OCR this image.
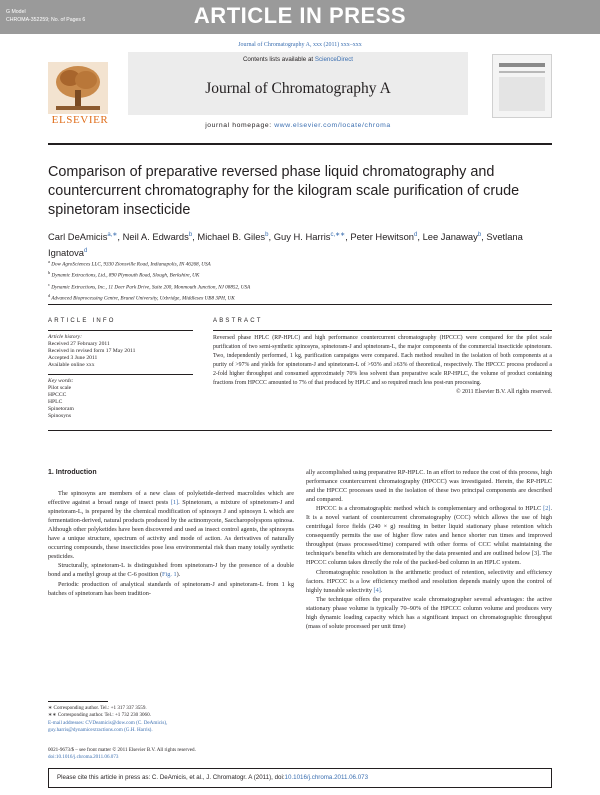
G Model
CHROMA-352259; No. of Pages 6	ARTICLE IN PRESS
Journal of Chromatography A, xxx (2011) xxx–xxx
ELSEVIER
Contents lists available at ScienceDirect
Journal of Chromatography A
journal homepage: www.elsevier.com/locate/chroma
Comparison of preparative reversed phase liquid chromatography and countercurrent chromatography for the kilogram scale purification of crude spinetoram insecticide
Carl DeAmicis$^{a,∗}$, Neil A. Edwards$^b$, Michael B. Giles$^b$, Guy H. Harris$^{c,∗∗}$, Peter Hewitson$^d$, Lee Janaway$^b$, Svetlana Ignatova$^d$
$^a$ Dow AgroSciences LLC, 9330 Zionsville Road, Indianapolis, IN 46268, USA
$^b$ Dynamic Extractions, Ltd., 890 Plymouth Road, Slough, Berkshire, UK
$^c$ Dynamic Extractions, Inc., 11 Deer Park Drive, Suite 200, Monmouth Junction, NJ 08852, USA
$^d$ Advanced Bioprocessing Centre, Brunel University, Uxbridge, Middlesex UB8 3PH, UK
ARTICLE INFO	ABSTRACT
Article history:
Received 27 February 2011
Received in revised form 17 May 2011
Accepted 3 June 2011
Available online xxx
Key words:
Pilot scale
HPCCC
HPLC
Spinetoram
Spinosyns

Reversed phase HPLC (RP-HPLC) and high performance countercurrent chromatography (HPCCC) were compared for the pilot scale purification of two semi-synthetic spinosyns, spinetoram-J and spinetoram-L, the major components of the commercial insecticide spinetoram. Two, independently performed, 1 kg, purification campaigns were compared. Each method resulted in the isolation of both components at a purity of >97% and yields for spinetoram-J and spinetoram-L of >93% and ≥63% of theoretical, respectively. The HPCCC process produced a 2-fold higher throughput and consumed approximately 70% less solvent than preparative scale RP-HPLC, the volume of product containing fractions from HPCCC amounted to 7% of that produced by HPLC and so required much less post-run processing.

© 2011 Elsevier B.V. All rights reserved.

1. Introduction

The spinosyns are members of a new class of polyketide-derived macrolides which are effective against a broad range of insect pests [1]. Spinetoram, a mixture of spinetoram-J and spinetoram-L, is prepared by the chemical modification of spinosyn J and spinosyn L which are fermentation-derived, natural products produced by the actinomycete, Saccharopolyspora spinosa. Although other polyketides have been discovered and used as insect control agents, the spinosyns have a unique structure, spectrum of activity and mode of action. As derivatives of naturally occurring compounds, these insecticides pose less environmental risk than many totally synthetic pesticides.

Structurally, spinetoram-L is distinguished from spinetoram-J by the presence of a double bond and a methyl group at the C-6 position (Fig. 1).

Periodic production of analytical standards of spinetoram-J and spinetoram-L from 1 kg batches of spinetoram has been tradition-

∗ Corresponding author. Tel.: +1 317 337 3559.
∗∗ Corresponding author. Tel.: +1 732 230 3060.
E-mail addresses: CVDeamicis@dow.com (C. DeAmicis),
guy.harris@dynamicextractions.com (G.H. Harris).
0021-9673/$ – see front matter © 2011 Elsevier B.V. All rights reserved.
doi:10.1016/j.chroma.2011.06.073

ally accomplished using preparative RP-HPLC. In an effort to reduce the cost of this process, high performance countercurrent chromatography (HPCCC) was investigated. Herein, the RP-HPLC and the HPCCC processes used in the isolation of these two principal components are described and compared.

HPCCC is a chromatographic method which is complementary and orthogonal to HPLC [2]. It is a novel variant of countercurrent chromatography (CCC) which allows the use of high centrifugal force fields (240 × g) resulting in better liquid stationary phase retention which consequently permits the use of higher flow rates and hence shorter run times and improved throughput (mass processed/time) compared with other forms of CCC whilst maintaining the technique's benefits which are demonstrated by the data presented and are outlined below [3]. The HPCCC column takes directly the role of the packed-bed column in an HPLC system.

Chromatographic resolution is the arithmetic product of retention, selectivity and efficiency factors. HPCCC is a low efficiency method and resolution depends mainly upon the control of highly tuneable selectivity [4].

The technique offers the preparative scale chromatographer several advantages: the active stationary phase volume is typically 70–90% of the HPCCC column volume and produces very high dynamic loading capacity which has a significant impact on chromatographic throughput (mass of solute processed per unit time)

Please cite this article in press as: C. DeAmicis, et al., J. Chromatogr. A (2011), doi:10.1016/j.chroma.2011.06.073
